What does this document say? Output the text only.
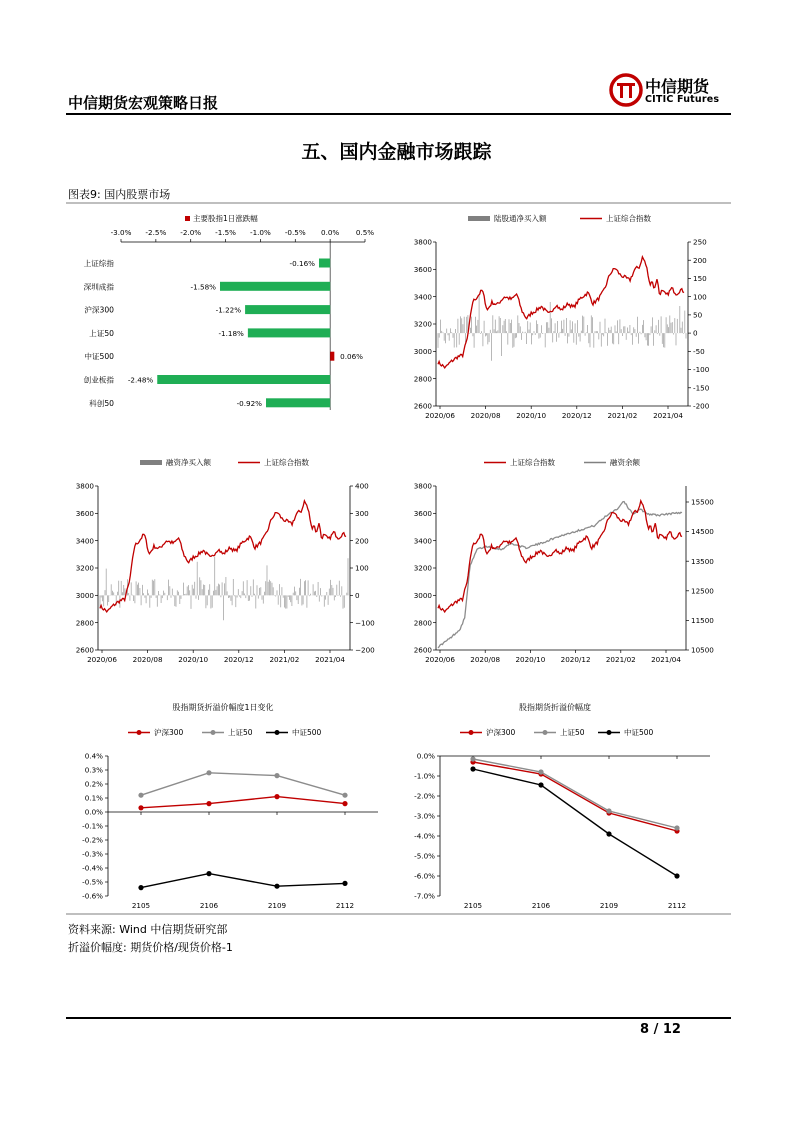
中信期货宏观策略日报
中信期货
CITIC Futures
五、国内金融市场跟踪
图表9: 国内股票市场
主要股指1日涨跌幅
-3.0% -2.5% -2.0% -1.5% -1.0% -0.5% 0.0% 0.5%
上证综指	-0.16%
深圳成指	-1.58%
沪深300	-1.22%
上证50	-1.18%
中证500	0.06%
创业板指 -2.48%
科创50	-0.92%
陆股通净买入额	上证综合指数
3800
3600
3400
3200
3000
2800
2600
250
200
150
100
50
0
-50
-100
-150
-200
2020/06 2020/08 2020/10 2020/12 2021/02 2021/04
融资净买入额	上证综合指数
3800
3600
3400
3200
3000
2800
2600
400
300
200
100
0
−100
−200
2020/06 2020/08 2020/10 2020/12 2021/02 2021/04
上证综合指数	融资余额
3800
3600
3400
3200
3000
2800
2600
15500
14500
13500
12500
11500
10500
2020/06 2020/08 2020/10 2020/12 2021/02 2021/04
股指期货折溢价幅度1日变化
沪深300	上证50	中证500
0.4%
0.3%
0.2%
0.1%
0.0%
-0.1%
-0.2%
-0.3%
-0.4%
-0.5%
-0.6%
2105	2106	2109	2112
股指期货折溢价幅度
沪深300	上证50	中证500
0.0%
-1.0%
-2.0%
-3.0%
-4.0%
-5.0%
-6.0%
-7.0%
2105	2106	2109	2112
资料来源: Wind 中信期货研究部
折溢价幅度: 期货价格/现货价格-1
8 / 12
